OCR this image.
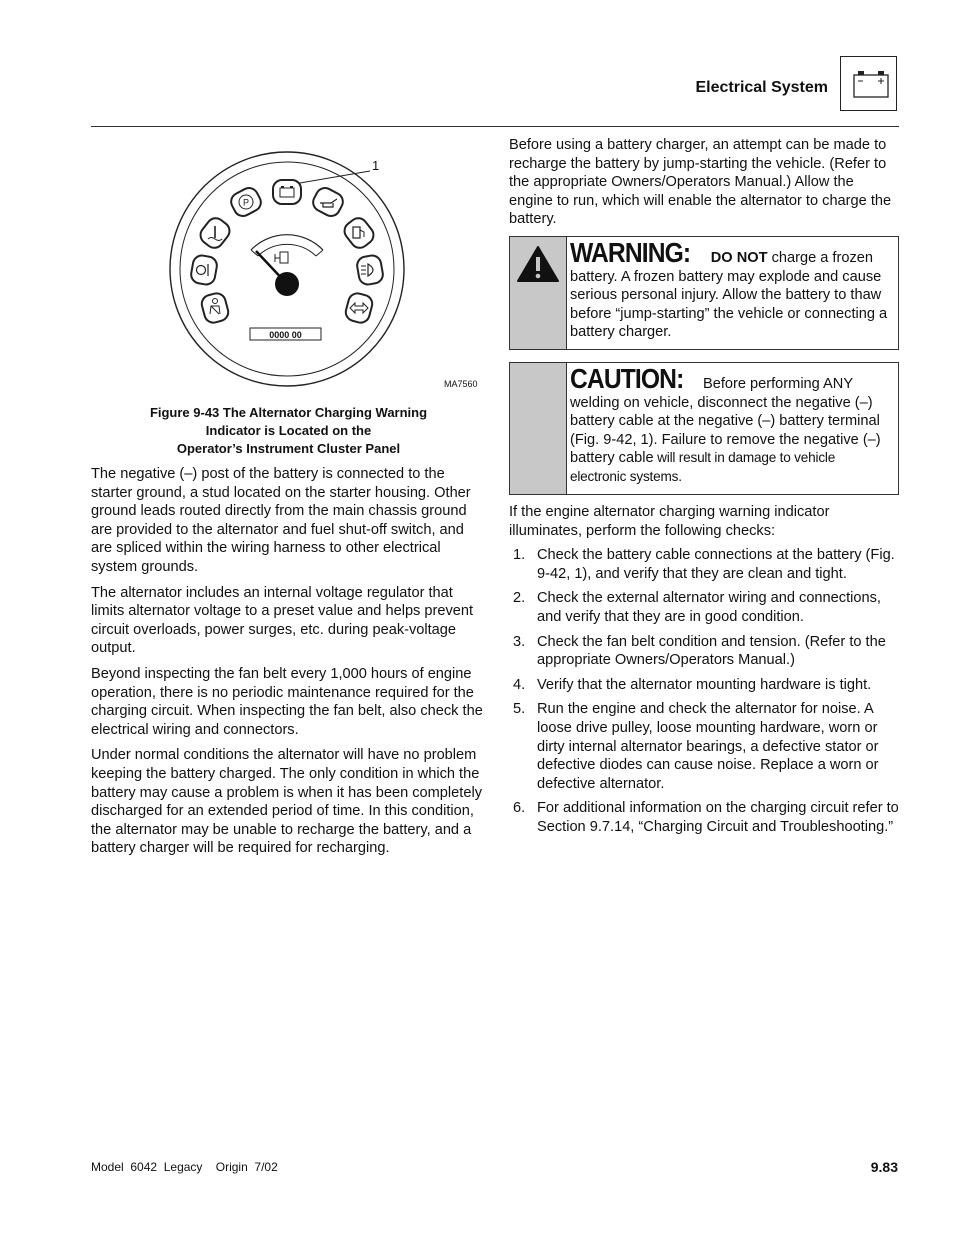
Electrical System
1
0000 00
P
MA7560
Figure 9-43 The Alternator Charging Warning
Indicator is Located on the
Operator’s Instrument Cluster Panel

The negative (–) post of the battery is connected to the starter ground, a stud located on the starter housing. Other ground leads routed directly from the main chassis ground are provided to the alternator and fuel shut-off switch, and are spliced within the wiring harness to other electrical system grounds.

The alternator includes an internal voltage regulator that limits alternator voltage to a preset value and helps prevent circuit overloads, power surges, etc. during peak-voltage output.

Beyond inspecting the fan belt every 1,000 hours of engine operation, there is no periodic maintenance required for the charging circuit. When inspecting the fan belt, also check the electrical wiring and connectors.

Under normal conditions the alternator will have no problem keeping the battery charged. The only condition in which the battery may cause a problem is when it has been completely discharged for an extended period of time. In this condition, the alternator may be unable to recharge the battery, and a battery charger will be required for recharging.

Before using a battery charger, an attempt can be made to recharge the battery by jump-starting the vehicle. (Refer to the appropriate Owners/Operators Manual.) Allow the engine to run, which will enable the alternator to charge the battery.

WARNING: DO NOT charge a frozen battery. A frozen battery may explode and cause serious personal injury. Allow the battery to thaw before “jump-starting” the vehicle or connecting a battery charger.
CAUTION: Before performing ANY welding on vehicle, disconnect the negative (–) battery cable at the negative (–) battery terminal (Fig. 9-42, 1). Failure to remove the negative (–) battery cable will result in damage to vehicle electronic systems.

If the engine alternator charging warning indicator illuminates, perform the following checks:

1. Check the battery cable connections at the battery (Fig. 9-42, 1), and verify that they are clean and tight.
2. Check the external alternator wiring and connections, and verify that they are in good condition.
3. Check the fan belt condition and tension. (Refer to the appropriate Owners/Operators Manual.)
4. Verify that the alternator mounting hardware is tight.
5. Run the engine and check the alternator for noise. A loose drive pulley, loose mounting hardware, worn or dirty internal alternator bearings, a defective stator or defective diodes can cause noise. Replace a worn or defective alternator.
6. For additional information on the charging circuit refer to Section 9.7.14, “Charging Circuit and Troubleshooting.”
Model  6042  Legacy    Origin  7/02	9.83
